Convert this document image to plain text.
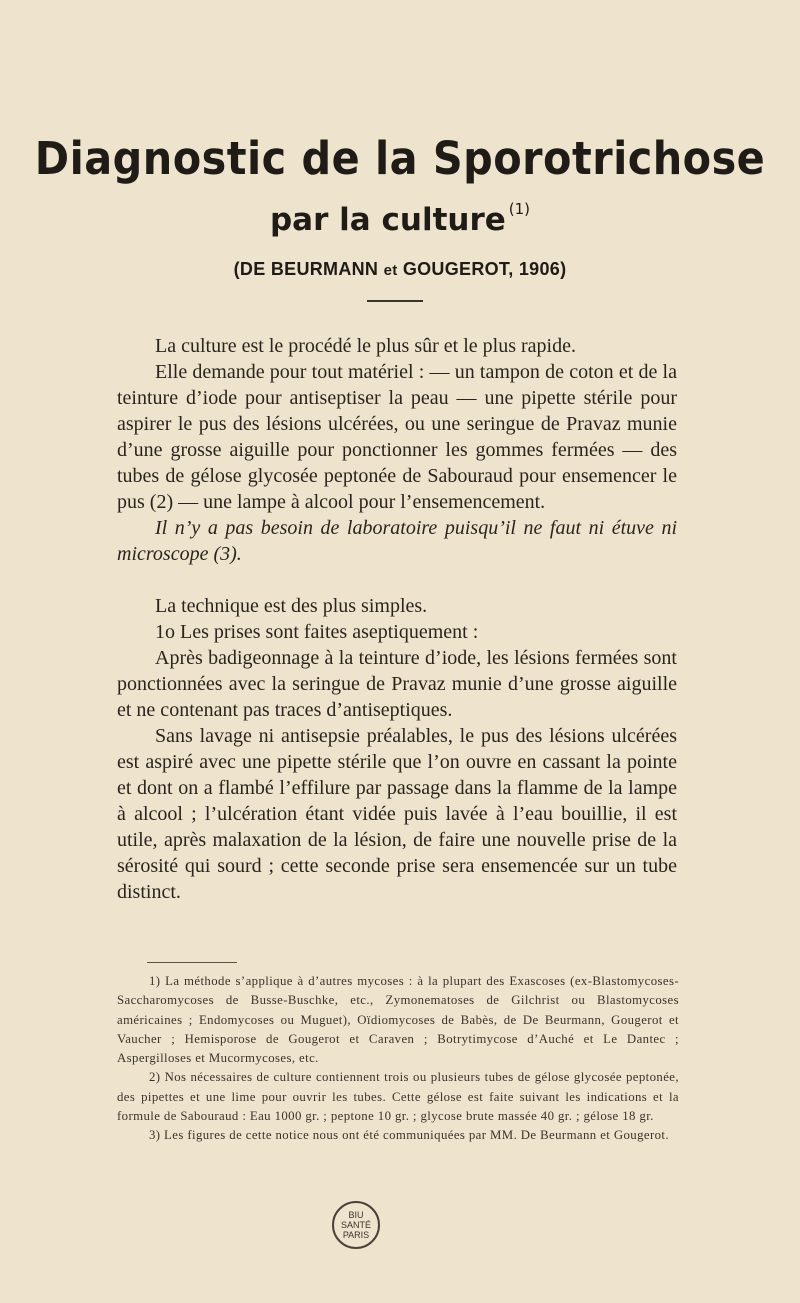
Diagnostic de la Sporotrichose
par la culture $^{(1)}$
(DE BEURMANN et GOUGEROT, 1906)

La culture est le procédé le plus sûr et le plus rapide.

Elle demande pour tout matériel : — un tampon de coton et de la teinture d’iode pour antiseptiser la peau — une pipette stérile pour aspirer le pus des lésions ulcérées, ou une seringue de Pravaz munie d’une grosse aiguille pour ponctionner les gommes fermées — des tubes de gélose glycosée peptonée de Sabouraud pour ensemencer le pus (2) — une lampe à alcool pour l’ensemencement.

Il n’y a pas besoin de laboratoire puisqu’il ne faut ni étuve ni microscope (3).

La technique est des plus simples.

1o Les prises sont faites aseptiquement :

Après badigeonnage à la teinture d’iode, les lésions fermées sont ponctionnées avec la seringue de Pravaz munie d’une grosse aiguille et ne contenant pas traces d’antiseptiques.

Sans lavage ni antisepsie préalables, le pus des lésions ulcérées est aspiré avec une pipette stérile que l’on ouvre en cassant la pointe et dont on a flambé l’effilure par passage dans la flamme de la lampe à alcool ; l’ulcération étant vidée puis lavée à l’eau bouillie, il est utile, après malaxation de la lésion, de faire une nouvelle prise de la sérosité qui sourd ; cette seconde prise sera ensemencée sur un tube distinct.

1) La méthode s’applique à d’autres mycoses : à la plupart des Exascoses (ex-Blastomycoses-Saccharomycoses de Busse-Buschke, etc., Zymonematoses de Gilchrist ou Blastomycoses américaines ; Endomycoses ou Muguet), Oïdiomycoses de Babès, de De Beurmann, Gougerot et Vaucher ; Hemisporose de Gougerot et Caraven ; Botrytimycose d’Auché et Le Dantec ; Aspergilloses et Mucormycoses, etc.

2) Nos nécessaires de culture contiennent trois ou plusieurs tubes de gélose glycosée peptonée, des pipettes et une lime pour ouvrir les tubes. Cette gélose est faite suivant les indications et la formule de Sabouraud : Eau 1000 gr. ; peptone 10 gr. ; glycose brute massée 40 gr. ; gélose 18 gr.

3) Les figures de cette notice nous ont été communiquées par MM. De Beurmann et Gougerot.

BIU
SANTÉ
PARIS
